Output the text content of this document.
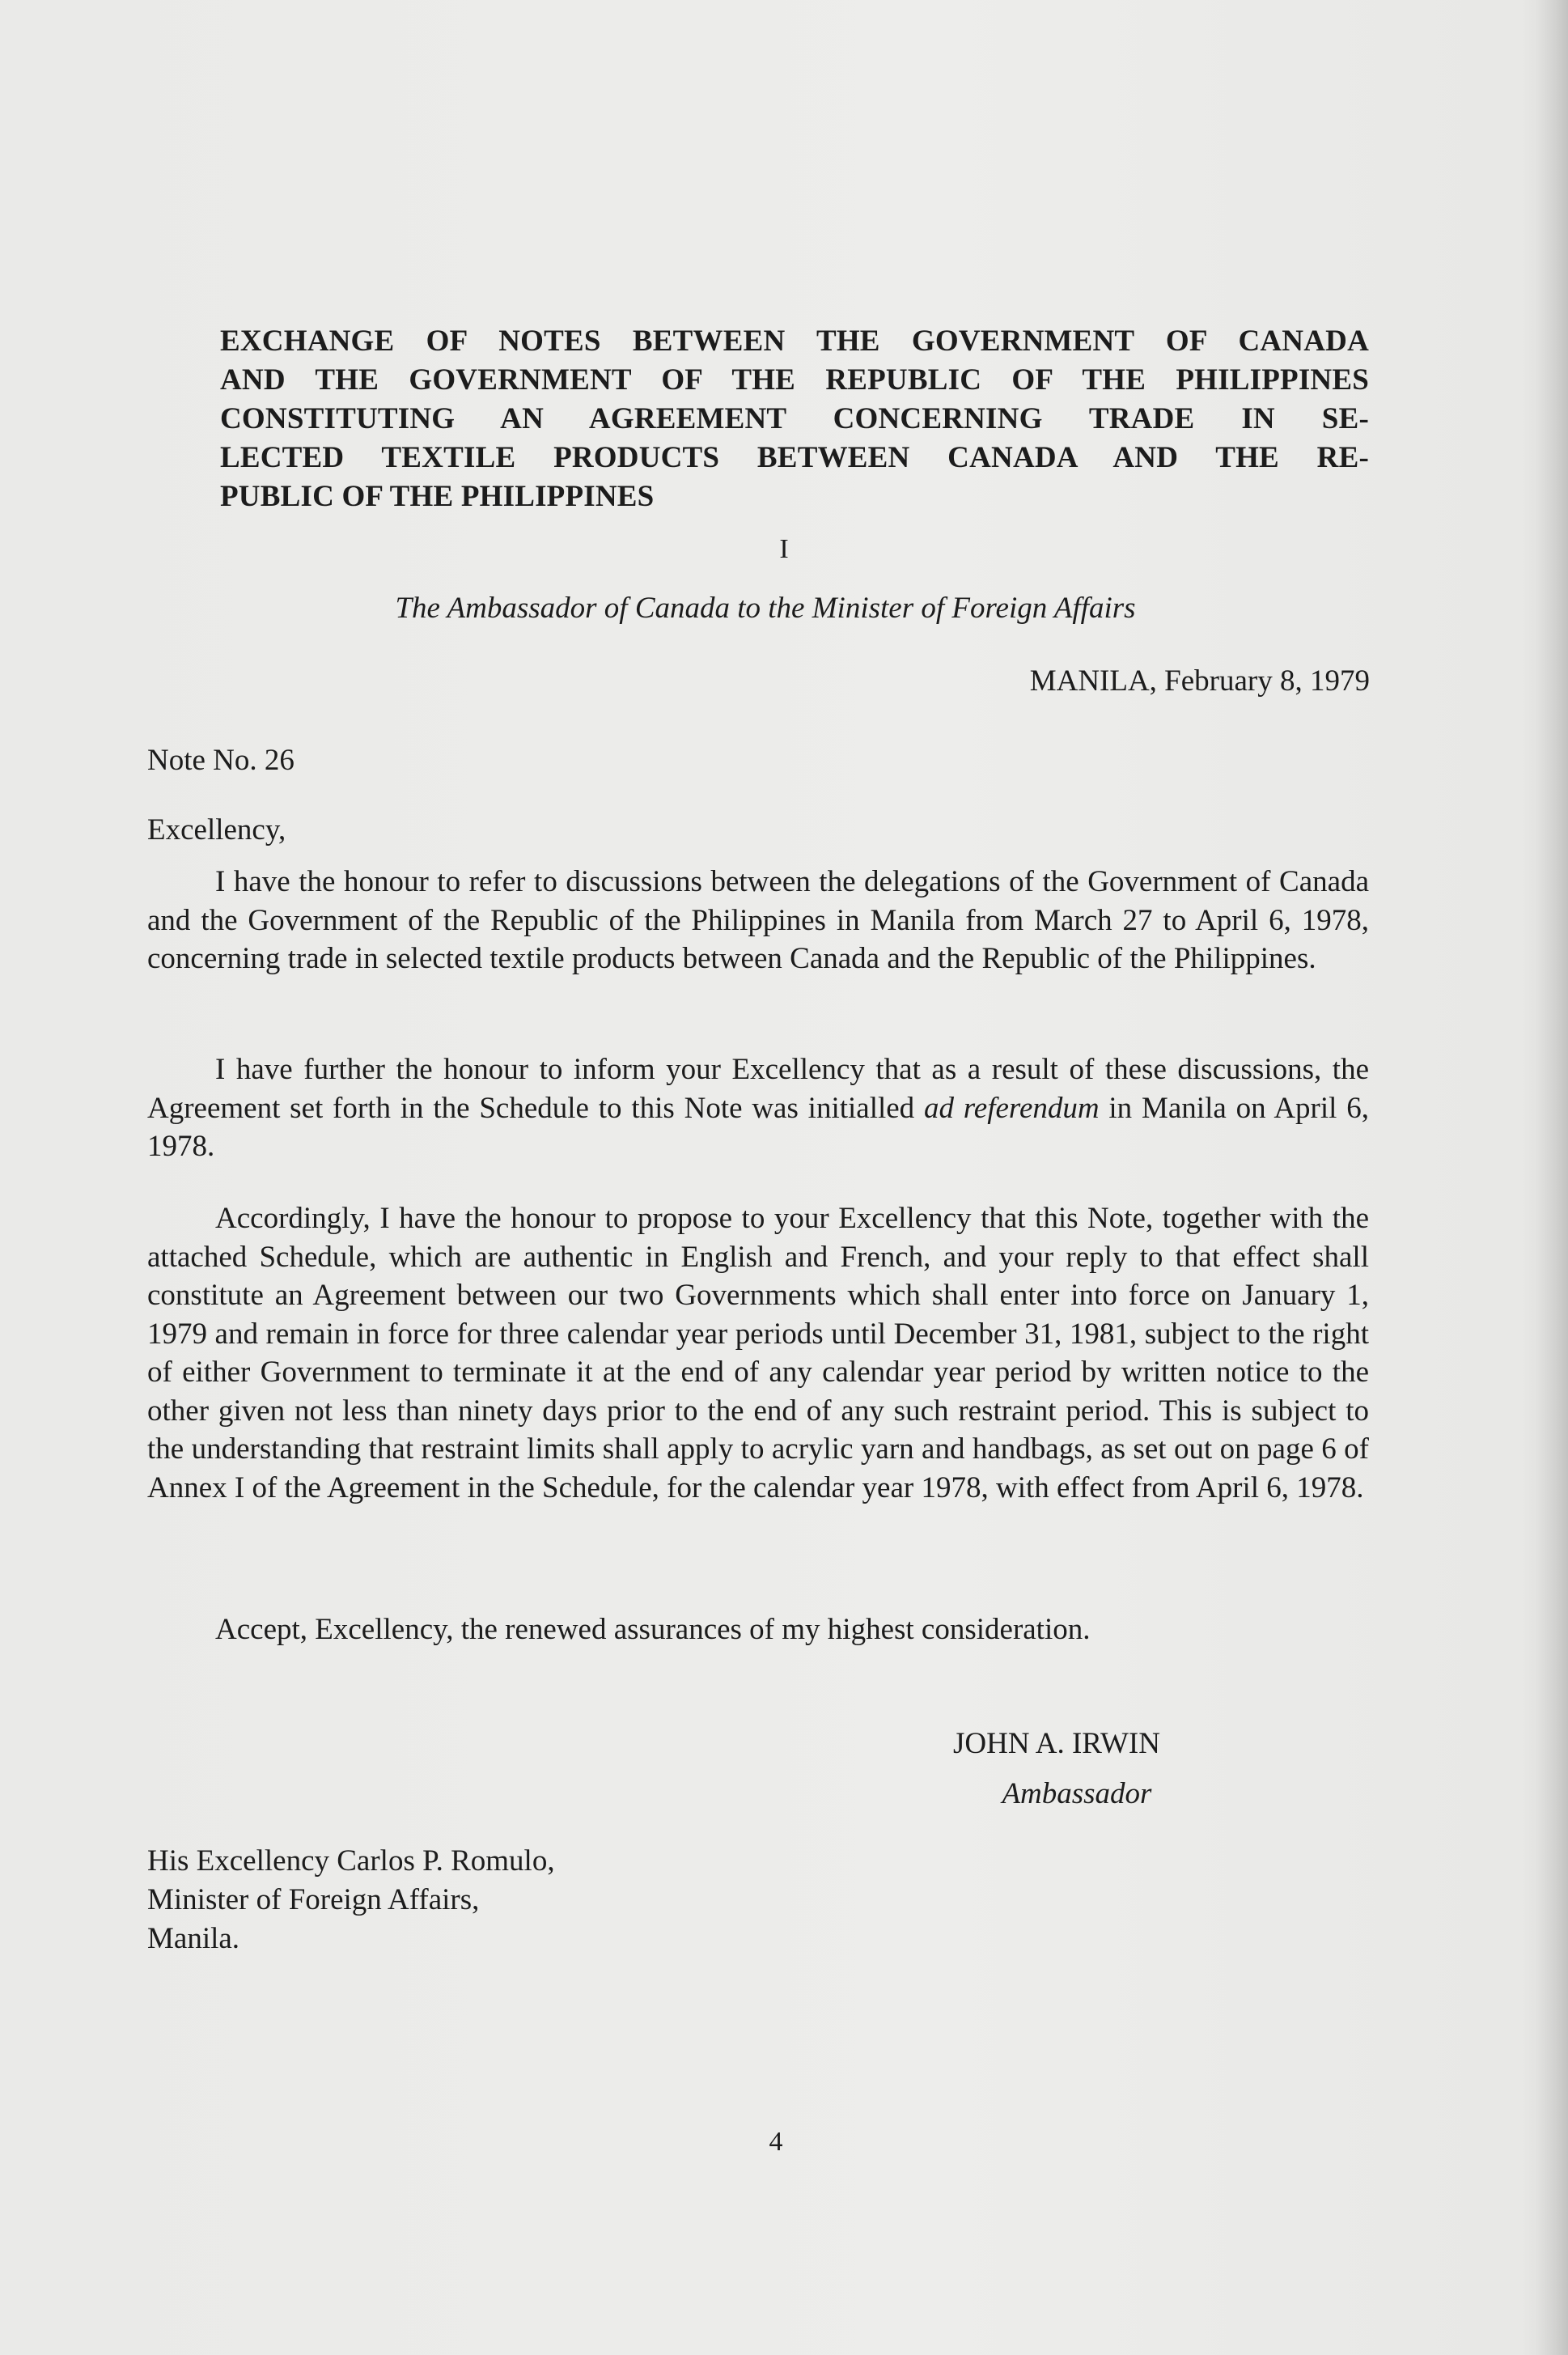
EXCHANGE OF NOTES BETWEEN THE GOVERNMENT OF CANADA
AND THE GOVERNMENT OF THE REPUBLIC OF THE PHILIPPINES
CONSTITUTING AN AGREEMENT CONCERNING TRADE IN SE-
LECTED TEXTILE PRODUCTS BETWEEN CANADA AND THE RE-
PUBLIC OF THE PHILIPPINES
I
The Ambassador of Canada to the Minister of Foreign Affairs
MANILA, February 8, 1979
Note No. 26
Excellency,

I have the honour to refer to discussions between the delegations of the Government of Canada and the Government of the Republic of the Philippines in Manila from March 27 to April 6, 1978, concerning trade in selected textile products between Canada and the Republic of the Philippines.

I have further the honour to inform your Excellency that as a result of these discussions, the Agreement set forth in the Schedule to this Note was initialled ad referendum in Manila on April 6, 1978.

Accordingly, I have the honour to propose to your Excellency that this Note, together with the attached Schedule, which are authentic in English and French, and your reply to that effect shall constitute an Agreement between our two Governments which shall enter into force on January 1, 1979 and remain in force for three calendar year periods until December 31, 1981, subject to the right of either Government to terminate it at the end of any calendar year period by written notice to the other given not less than ninety days prior to the end of any such restraint period. This is subject to the understanding that restraint limits shall apply to acrylic yarn and handbags, as set out on page 6 of Annex I of the Agreement in the Schedule, for the calendar year 1978, with effect from April 6, 1978.

Accept, Excellency, the renewed assurances of my highest consideration.

JOHN A. IRWIN
Ambassador
His Excellency Carlos P. Romulo,
Minister of Foreign Affairs,
Manila.
4
